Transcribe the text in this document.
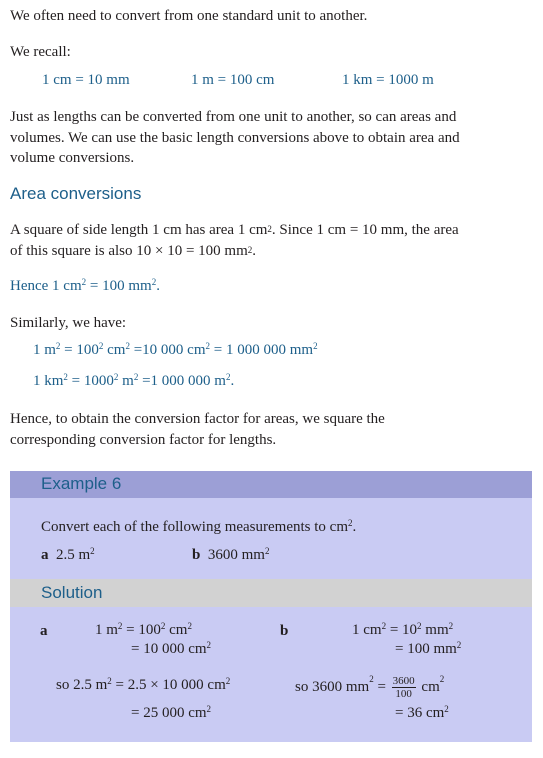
We often need to convert from one standard unit to another.
We recall:
1 cm = 10 mm	1 m = 100 cm	1 km = 1000 m
Just as lengths can be converted from one unit to another, so can areas and
volumes. We can use the basic length conversions above to obtain area and
volume conversions.
Area conversions
A square of side length 1 cm has area 1 $cm^2$. Since 1 cm = 10 mm, the area
of this square is also 10 × 10 = 100 $mm^2$.
Hence 1 $cm^2 = 100$ $mm^2$.
Similarly, we have:
1 $m^2 = 100^2$ $cm^2 =10$ 000 $cm^2 = 1$ 000 000 $mm^2$
1 $km^2 = 1000^2$ $m^2 =1$ 000 000 $m^2$.
Hence, to obtain the conversion factor for areas, we square the
corresponding conversion factor for lengths.
Example 6
Convert each of the following measurements to $cm^2$.
a 2.5 $m^2$	b 3600 $mm^2$
Solution
a	1 $m^2 = 100^2$ $cm^2$
= 10 000 $cm^2$
so 2.5 $m^2 = 2.5 \times 10$ 000 $cm^2$
= 25 000 $cm^2$
b	1 $cm^2 = 10^2$ $mm^2$
= 100 $mm^2$
so 3600 $mm^2 = \frac{3600}{100} cm^2$
= 36 $cm^2$
